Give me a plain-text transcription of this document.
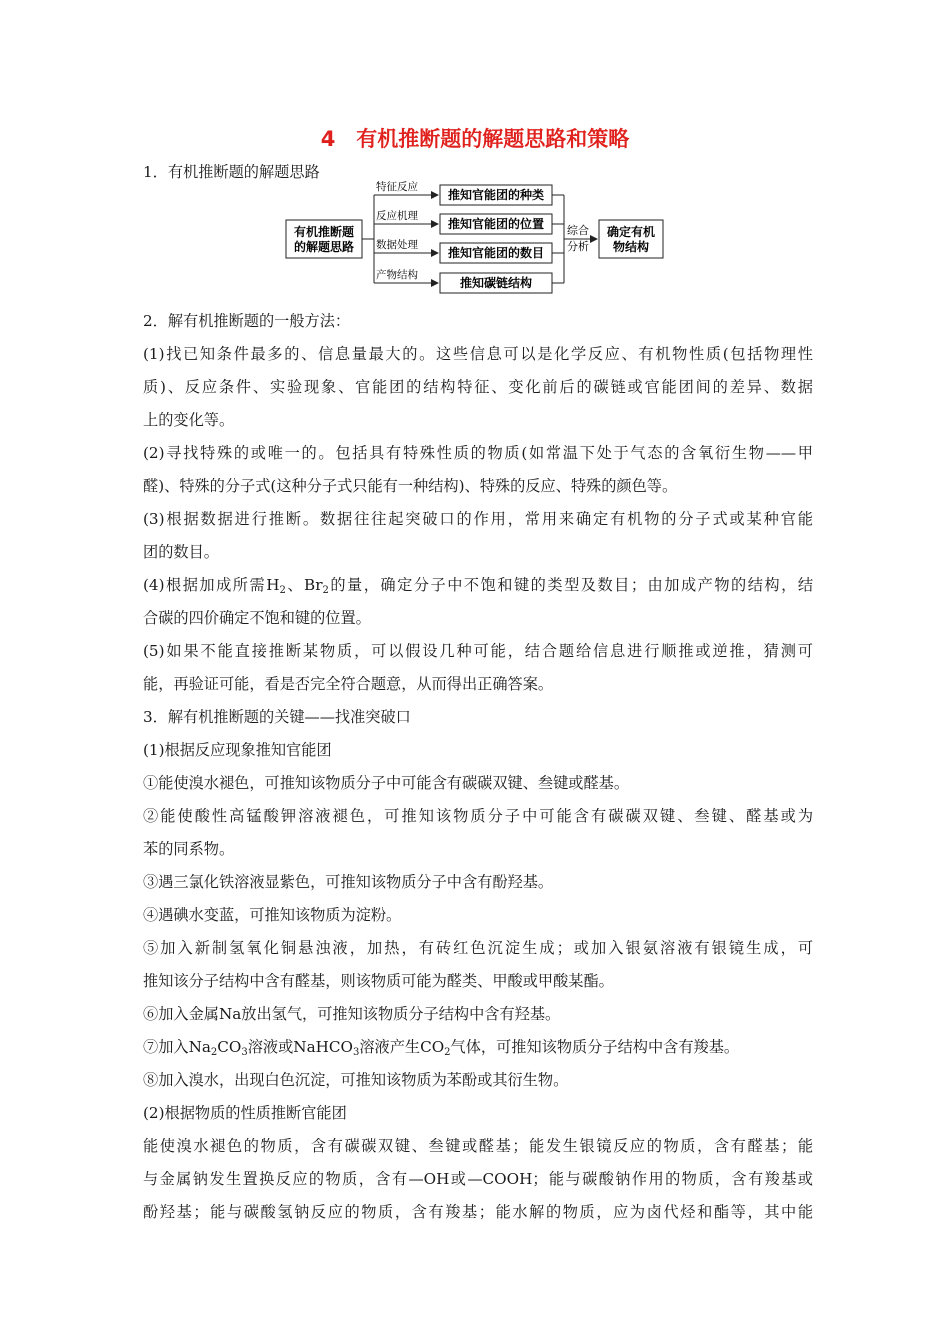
4　有机推断题的解题思路和策略

1．有机推断题的解题思路

有机推断题
的解题思路
特征反应
反应机理
数据处理
产物结构
推知官能团的种类
推知官能团的位置
推知官能团的数目
推知碳链结构
综合
分析
确定有机
物结构

2．解有机推断题的一般方法：

(1)找已知条件最多的、信息量最大的。这些信息可以是化学反应、有机物性质(包括物理性

质)、反应条件、实验现象、官能团的结构特征、变化前后的碳链或官能团间的差异、数据

上的变化等。

(2)寻找特殊的或唯一的。包括具有特殊性质的物质(如常温下处于气态的含氧衍生物——甲

醛)、特殊的分子式(这种分子式只能有一种结构)、特殊的反应、特殊的颜色等。

(3)根据数据进行推断。数据往往起突破口的作用，常用来确定有机物的分子式或某种官能

团的数目。

(4)根据加成所需$H_2$、$Br_2$的量，确定分子中不饱和键的类型及数目；由加成产物的结构，结

合碳的四价确定不饱和键的位置。

(5)如果不能直接推断某物质，可以假设几种可能，结合题给信息进行顺推或逆推，猜测可

能，再验证可能，看是否完全符合题意，从而得出正确答案。

3．解有机推断题的关键——找准突破口

(1)根据反应现象推知官能团

①能使溴水褪色，可推知该物质分子中可能含有碳碳双键、叁键或醛基。

②能使酸性高锰酸钾溶液褪色，可推知该物质分子中可能含有碳碳双键、叁键、醛基或为

苯的同系物。

③遇三氯化铁溶液显紫色，可推知该物质分子中含有酚羟基。

④遇碘水变蓝，可推知该物质为淀粉。

⑤加入新制氢氧化铜悬浊液，加热，有砖红色沉淀生成；或加入银氨溶液有银镜生成，可

推知该分子结构中含有醛基，则该物质可能为醛类、甲酸或甲酸某酯。

⑥加入金属Na放出氢气，可推知该物质分子结构中含有羟基。

⑦加入$Na_2CO_3$溶液或NaHCO$_3$溶液产生$CO_2$气体，可推知该物质分子结构中含有羧基。

⑧加入溴水，出现白色沉淀，可推知该物质为苯酚或其衍生物。

(2)根据物质的性质推断官能团

能使溴水褪色的物质，含有碳碳双键、叁键或醛基；能发生银镜反应的物质，含有醛基；能

与金属钠发生置换反应的物质，含有—OH或—COOH；能与碳酸钠作用的物质，含有羧基或

酚羟基；能与碳酸氢钠反应的物质，含有羧基；能水解的物质，应为卤代烃和酯等，其中能
